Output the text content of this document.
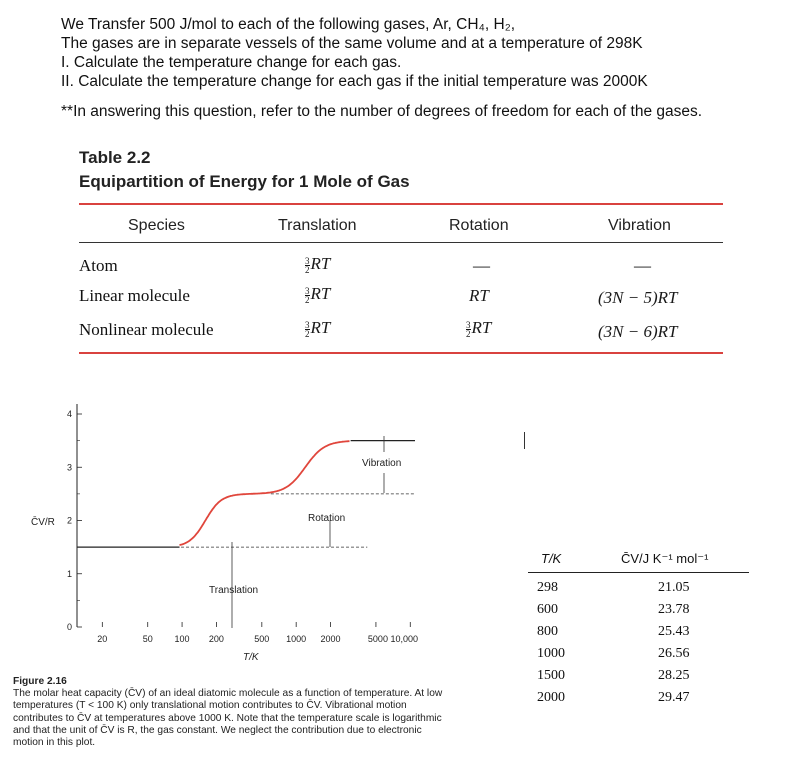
We Transfer 500 J/mol to each of the following gases, Ar, CH₄, H₂,
The gases are in separate vessels of the same volume and at a temperature of 298K
I. Calculate the temperature change for each gas.
II. Calculate the temperature change for each gas if the initial temperature was 2000K
**In answering this question, refer to the number of degrees of freedom for each of the gases.
Table 2.2
Equipartition of Energy for 1 Mole of Gas
Species	Translation	Rotation	Vibration
Atom	$\frac{3}{2}$ RT	—	—
Linear molecule	$\frac{3}{2}$ RT	RT	(3N − 5)RT
Nonlinear molecule	$\frac{3}{2}$ RT	$\frac{3}{2}$ RT	(3N − 6)RT
20	50 100 200	500 1000 2000	5000 10,000
0
1
2
3
4
Translation
Rotation
Vibration
C̄V/R
T/K
Figure 2.16
The molar heat capacity (C̄V) of an ideal diatomic molecule as a function of temperature. At low temperatures (T < 100 K) only translational motion contributes to C̄V. Vibrational motion contributes to C̄V at temperatures above 1000 K. Note that the temperature scale is logarithmic and that the unit of C̄V is R, the gas constant. We neglect the contribution due to electronic motion in this plot.
T/K	C̄V/J K⁻¹ mol⁻¹
298	21.05
600	23.78
800	25.43
1000	26.56
1500	28.25
2000	29.47
